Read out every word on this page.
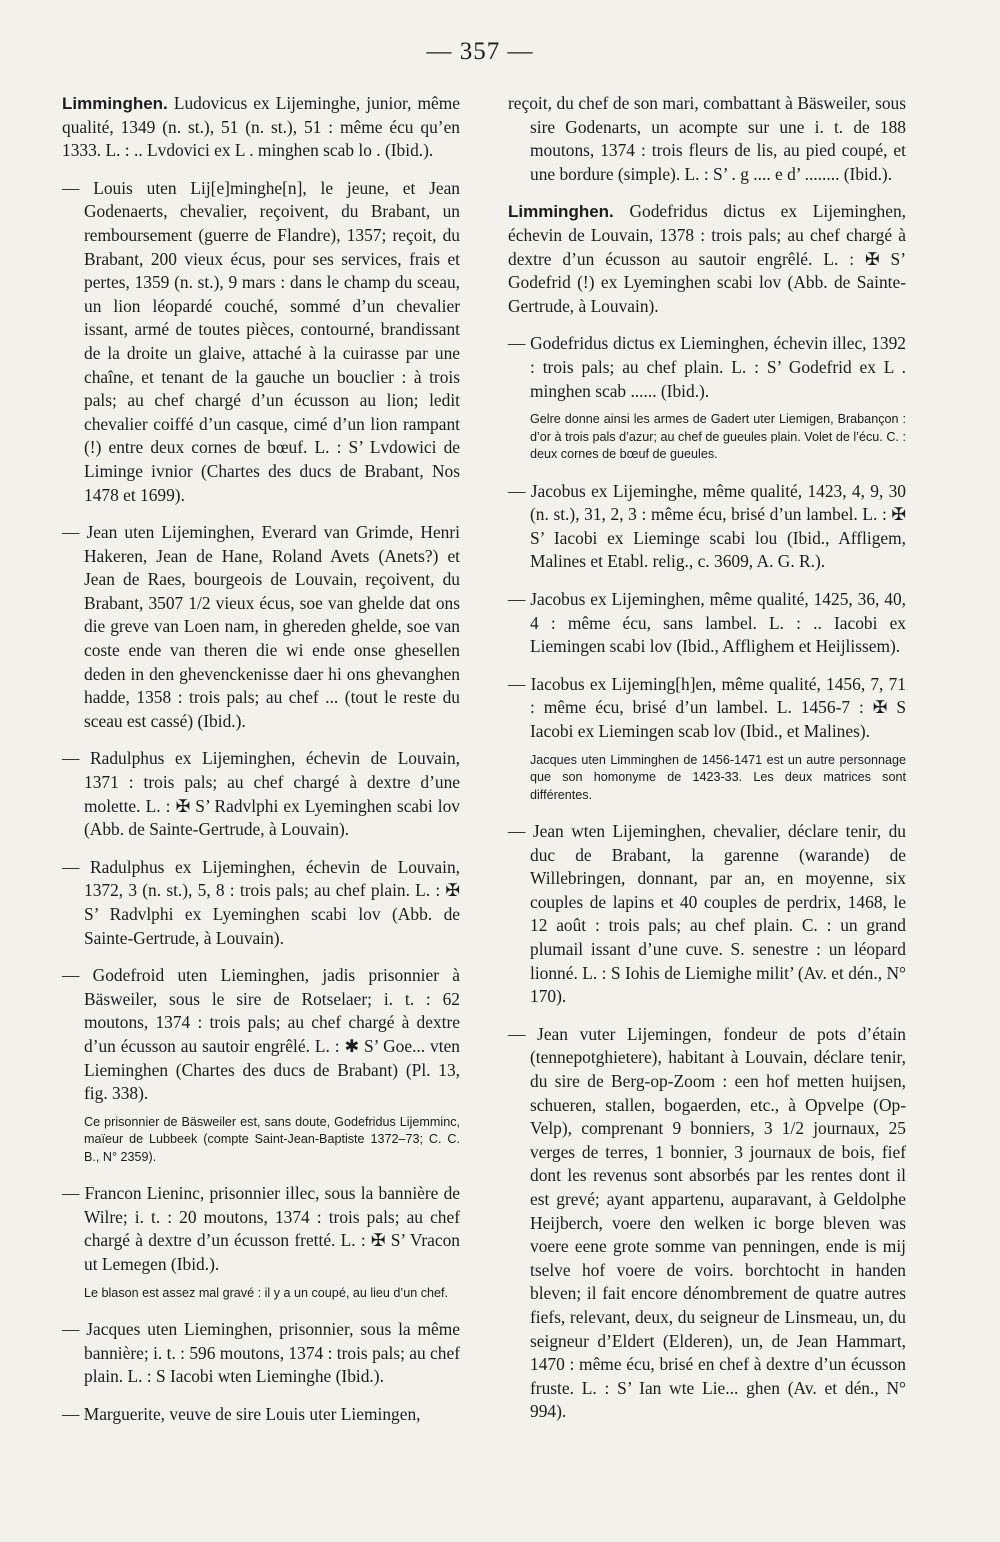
— 357 —

Limminghen. Ludovicus ex Lijeminghe, junior, même qualité, 1349 (n. st.), 51 (n. st.), 51 : même écu qu’en 1333. L. : .. Lvdovici ex L . minghen scab lo . (Ibid.).

— Louis uten Lij[e]minghe[n], le jeune, et Jean Godenaerts, chevalier, reçoivent, du Brabant, un remboursement (guerre de Flandre), 1357; reçoit, du Brabant, 200 vieux écus, pour ses services, frais et pertes, 1359 (n. st.), 9 mars : dans le champ du sceau, un lion léopardé couché, sommé d’un chevalier issant, armé de toutes pièces, contourné, brandissant de la droite un glaive, attaché à la cuirasse par une chaîne, et tenant de la gauche un bouclier : à trois pals; au chef chargé d’un écusson au lion; ledit chevalier coiffé d’un casque, cimé d’un lion rampant (!) entre deux cornes de bœuf. L. : S’ Lvdowici de Liminge ivnior (Chartes des ducs de Brabant, Nos 1478 et 1699).

— Jean uten Lijeminghen, Everard van Grimde, Henri Hakeren, Jean de Hane, Roland Avets (Anets?) et Jean de Raes, bourgeois de Louvain, reçoivent, du Brabant, 3507 1/2 vieux écus, soe van ghelde dat ons die greve van Loen nam, in ghereden ghelde, soe van coste ende van theren die wi ende onse ghesellen deden in den ghevenckenisse daer hi ons ghevanghen hadde, 1358 : trois pals; au chef ... (tout le reste du sceau est cassé) (Ibid.).

— Radulphus ex Lijeminghen, échevin de Louvain, 1371 : trois pals; au chef chargé à dextre d’une molette. L. : ✠ S’ Radvlphi ex Lyeminghen scabi lov (Abb. de Sainte-Gertrude, à Louvain).

— Radulphus ex Lijeminghen, échevin de Louvain, 1372, 3 (n. st.), 5, 8 : trois pals; au chef plain. L. : ✠ S’ Radvlphi ex Lyeminghen scabi lov (Abb. de Sainte-Gertrude, à Louvain).

— Godefroid uten Lieminghen, jadis prisonnier à Bäsweiler, sous le sire de Rotselaer; i. t. : 62 moutons, 1374 : trois pals; au chef chargé à dextre d’un écusson au sautoir engrêlé. L. : ✱ S’ Goe... vten Lieminghen (Chartes des ducs de Brabant) (Pl. 13, fig. 338).

Ce prisonnier de Bäsweiler est, sans doute, Godefridus Lijemminc, maïeur de Lubbeek (compte Saint-Jean-Baptiste 1372–73; C. C. B., N° 2359).

— Francon Lieninc, prisonnier illec, sous la bannière de Wilre; i. t. : 20 moutons, 1374 : trois pals; au chef chargé à dextre d’un écusson fretté. L. : ✠ S’ Vracon ut Lemegen (Ibid.).

Le blason est assez mal gravé : il y a un coupé, au lieu d’un chef.

— Jacques uten Lieminghen, prisonnier, sous la même bannière; i. t. : 596 moutons, 1374 : trois pals; au chef plain. L. : S Iacobi wten Lieminghe (Ibid.).

— Marguerite, veuve de sire Louis uter Liemingen,

reçoit, du chef de son mari, combattant à Bäsweiler, sous sire Godenarts, un acompte sur une i. t. de 188 moutons, 1374 : trois fleurs de lis, au pied coupé, et une bordure (simple). L. : S’ . g .... e d’ ........ (Ibid.).

Limminghen. Godefridus dictus ex Lijeminghen, échevin de Louvain, 1378 : trois pals; au chef chargé à dextre d’un écusson au sautoir engrêlé. L. : ✠ S’ Godefrid (!) ex Lyeminghen scabi lov (Abb. de Sainte-Gertrude, à Louvain).

— Godefridus dictus ex Lieminghen, échevin illec, 1392 : trois pals; au chef plain. L. : S’ Godefrid ex L . minghen scab ...... (Ibid.).

Gelre donne ainsi les armes de Gadert uter Liemigen, Brabançon : d’or à trois pals d’azur; au chef de gueules plain. Volet de l’écu. C. : deux cornes de bœuf de gueules.

— Jacobus ex Lijeminghe, même qualité, 1423, 4, 9, 30 (n. st.), 31, 2, 3 : même écu, brisé d’un lambel. L. : ✠ S’ Iacobi ex Lieminge scabi lou (Ibid., Affligem, Malines et Etabl. relig., c. 3609, A. G. R.).

— Jacobus ex Lijeminghen, même qualité, 1425, 36, 40, 4 : même écu, sans lambel. L. : .. Iacobi ex Liemingen scabi lov (Ibid., Afflighem et Heijlissem).

— Iacobus ex Lijeming[h]en, même qualité, 1456, 7, 71 : même écu, brisé d’un lambel. L. 1456-7 : ✠ S Iacobi ex Liemingen scab lov (Ibid., et Malines).

Jacques uten Limminghen de 1456-1471 est un autre personnage que son homonyme de 1423-33. Les deux matrices sont différentes.

— Jean wten Lijeminghen, chevalier, déclare tenir, du duc de Brabant, la garenne (warande) de Willebringen, donnant, par an, en moyenne, six couples de lapins et 40 couples de perdrix, 1468, le 12 août : trois pals; au chef plain. C. : un grand plumail issant d’une cuve. S. senestre : un léopard lionné. L. : S Iohis de Liemighe milit’ (Av. et dén., N° 170).

— Jean vuter Lijemingen, fondeur de pots d’étain (tennepotghietere), habitant à Louvain, déclare tenir, du sire de Berg-op-Zoom : een hof metten huijsen, schueren, stallen, bogaerden, etc., à Opvelpe (Op-Velp), comprenant 9 bonniers, 3 1/2 journaux, 25 verges de terres, 1 bonnier, 3 journaux de bois, fief dont les revenus sont absorbés par les rentes dont il est grevé; ayant appartenu, auparavant, à Geldolphe Heijberch, voere den welken ic borge bleven was voere eene grote somme van penningen, ende is mij tselve hof voere de voirs. borchtocht in handen bleven; il fait encore dénombrement de quatre autres fiefs, relevant, deux, du seigneur de Linsmeau, un, du seigneur d’Eldert (Elderen), un, de Jean Hammart, 1470 : même écu, brisé en chef à dextre d’un écusson fruste. L. : S’ Ian wte Lie... ghen (Av. et dén., N° 994).
